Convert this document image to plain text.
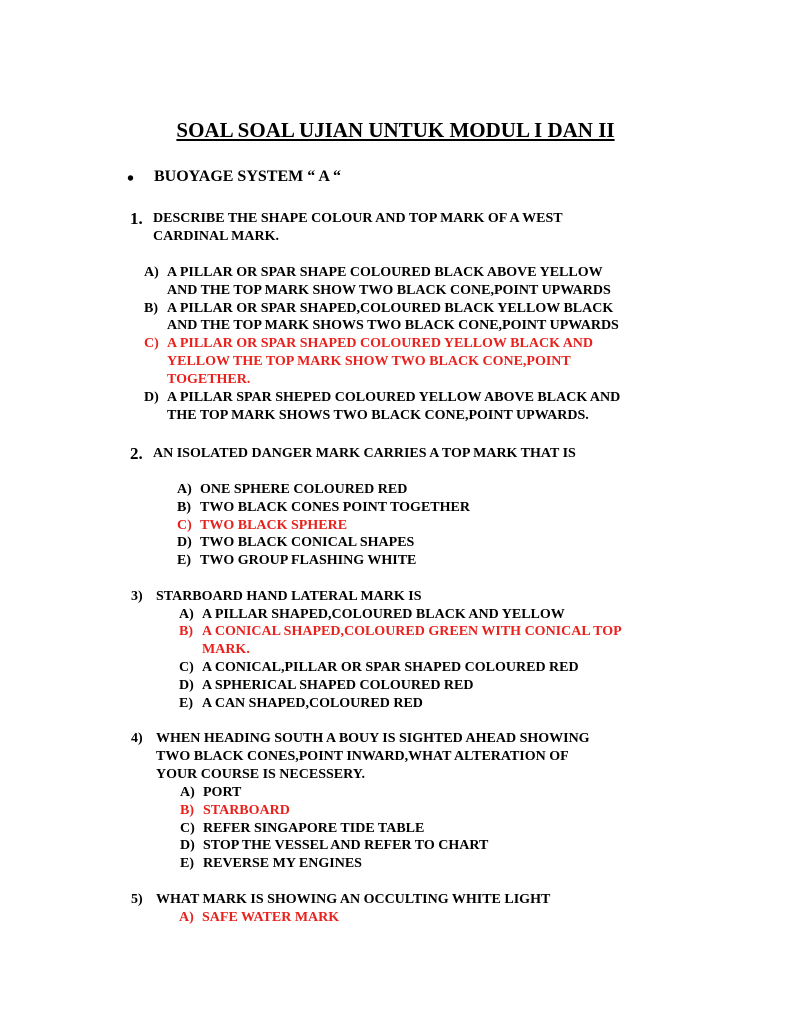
SOAL SOAL UJIAN UNTUK MODUL I DAN II
• BUOYAGE SYSTEM “ A “
1. DESCRIBE THE SHAPE COLOUR AND TOP MARK OF A WEST
CARDINAL MARK.
A) A PILLAR OR SPAR SHAPE COLOURED BLACK ABOVE YELLOW
AND THE TOP MARK SHOW TWO BLACK CONE,POINT UPWARDS
B) A PILLAR OR SPAR SHAPED,COLOURED BLACK YELLOW BLACK
AND THE TOP MARK SHOWS TWO BLACK CONE,POINT UPWARDS
C) A PILLAR OR SPAR SHAPED COLOURED YELLOW BLACK AND
YELLOW THE TOP MARK SHOW TWO BLACK CONE,POINT
TOGETHER.
D) A PILLAR SPAR SHEPED COLOURED YELLOW ABOVE BLACK AND
THE TOP MARK SHOWS TWO BLACK CONE,POINT UPWARDS.
2. AN ISOLATED DANGER MARK CARRIES A TOP MARK THAT IS
A) ONE SPHERE COLOURED RED
B) TWO BLACK CONES POINT TOGETHER
C) TWO BLACK SPHERE
D) TWO BLACK CONICAL SHAPES
E) TWO GROUP FLASHING WHITE
3) STARBOARD HAND LATERAL MARK IS
A) A PILLAR SHAPED,COLOURED BLACK AND YELLOW
B) A CONICAL SHAPED,COLOURED GREEN WITH CONICAL TOP
MARK.
C) A CONICAL,PILLAR OR SPAR SHAPED COLOURED RED
D) A SPHERICAL SHAPED COLOURED RED
E) A CAN SHAPED,COLOURED RED
4) WHEN HEADING SOUTH A BOUY IS SIGHTED AHEAD SHOWING
TWO BLACK CONES,POINT INWARD,WHAT ALTERATION OF
YOUR COURSE IS NECESSERY.
A) PORT
B) STARBOARD
C) REFER SINGAPORE TIDE TABLE
D) STOP THE VESSEL AND REFER TO CHART
E) REVERSE MY ENGINES
5) WHAT MARK IS SHOWING AN OCCULTING WHITE LIGHT
A) SAFE WATER MARK
